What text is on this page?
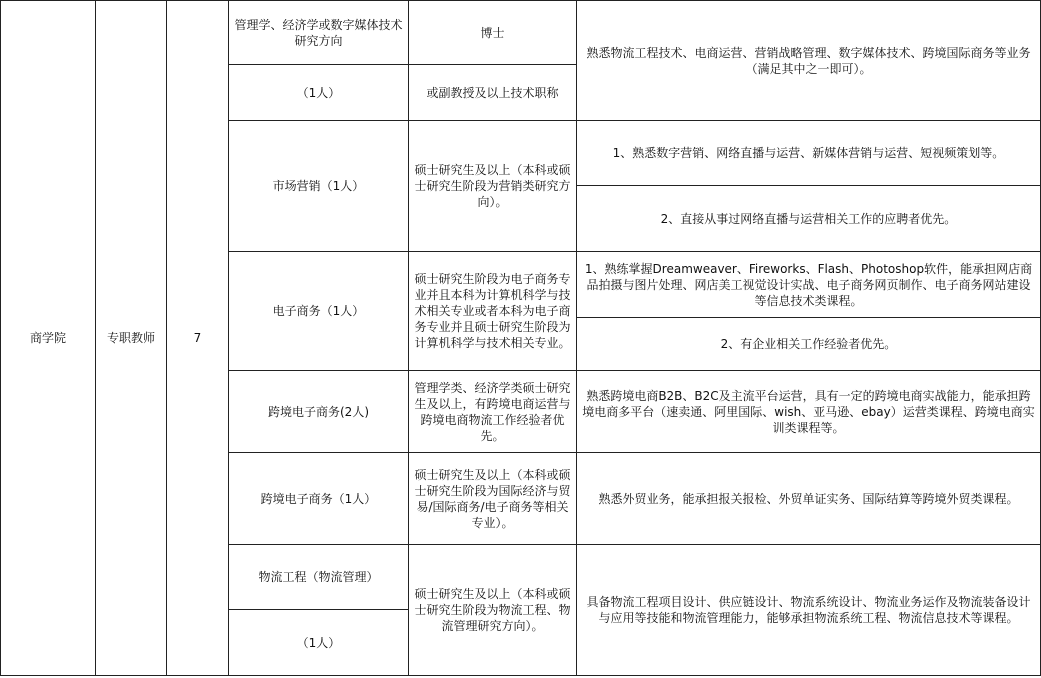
商学院	专职教师	7	管理学、经济学或数字媒体技术研究方向	博士	熟悉物流工程技术、电商运营、营销战略管理、数字媒体技术、跨境国际商务等业务（满足其中之一即可）。
			（1人）	或副教授及以上技术职称	
			市场营销（1人）	硕士研究生及以上（本科或硕士研究生阶段为营销类研究方向）。	1、熟悉数字营销、网络直播与运营、新媒体营销与运营、短视频策划等。
					2、直接从事过网络直播与运营相关工作的应聘者优先。
			电子商务（1人）	硕士研究生阶段为电子商务专业并且本科为计算机科学与技术相关专业或者本科为电子商务专业并且硕士研究生阶段为计算机科学与技术相关专业。	1、熟练掌握Dreamweaver、Fireworks、Flash、Photoshop软件，能承担网店商品拍摄与图片处理、网店美工视觉设计实战、电子商务网页制作、电子商务网站建设等信息技术类课程。
					2、有企业相关工作经验者优先。
			跨境电子商务(2人)	管理学类、经济学类硕士研究生及以上，有跨境电商运营与跨境电商物流工作经验者优先。	熟悉跨境电商B2B、B2C及主流平台运营，具有一定的跨境电商实战能力，能承担跨境电商多平台（速卖通、阿里国际、wish、亚马逊、ebay）运营类课程、跨境电商实训类课程等。
			跨境电子商务（1人）	硕士研究生及以上（本科或硕士研究生阶段为国际经济与贸易/国际商务/电子商务等相关专业）。	熟悉外贸业务，能承担报关报检、外贸单证实务、国际结算等跨境外贸类课程。
			物流工程（物流管理）	硕士研究生及以上（本科或硕士研究生阶段为物流工程、物流管理研究方向）。	具备物流工程项目设计、供应链设计、物流系统设计、物流业务运作及物流装备设计与应用等技能和物流管理能力，能够承担物流系统工程、物流信息技术等课程。
			（1人）		
